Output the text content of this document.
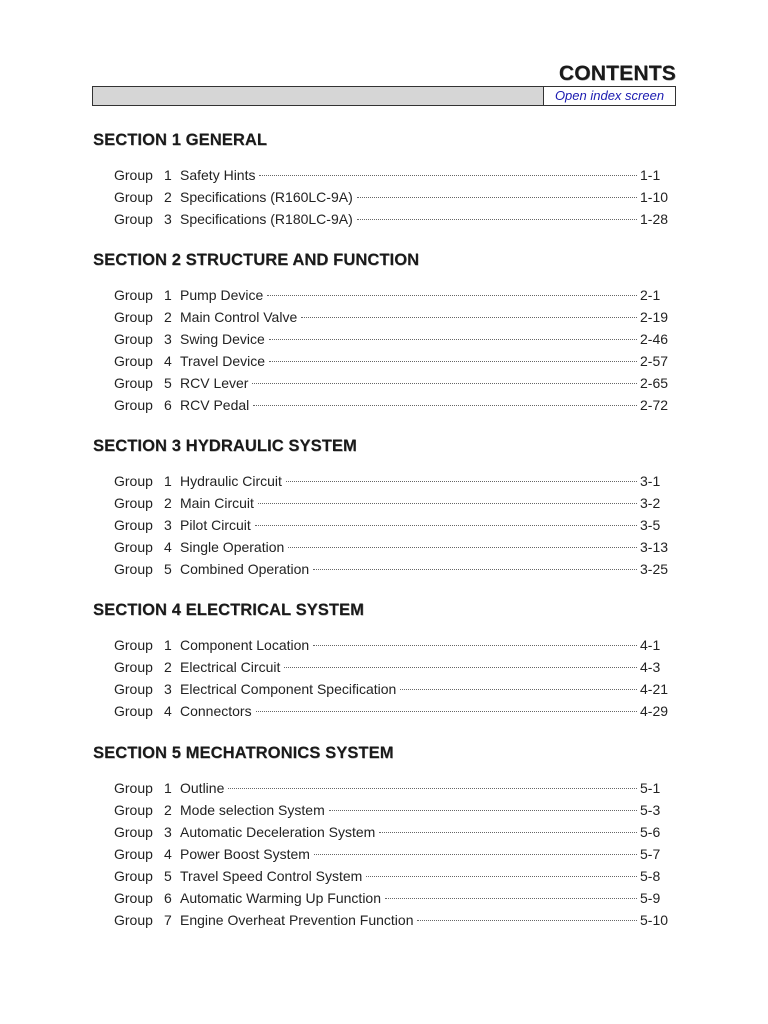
CONTENTS
Open index screen
SECTION 1 GENERAL
Group 1 Safety Hints	1-1
Group 2 Specifications (R160LC-9A)	1-10
Group 3 Specifications (R180LC-9A)	1-28
SECTION 2 STRUCTURE AND FUNCTION
Group 1 Pump Device	2-1
Group 2 Main Control Valve	2-19
Group 3 Swing Device	2-46
Group 4 Travel Device	2-57
Group 5 RCV Lever	2-65
Group 6 RCV Pedal	2-72
SECTION 3 HYDRAULIC SYSTEM
Group 1 Hydraulic Circuit	3-1
Group 2 Main Circuit	3-2
Group 3 Pilot Circuit	3-5
Group 4 Single Operation	3-13
Group 5 Combined Operation	3-25
SECTION 4 ELECTRICAL SYSTEM
Group 1 Component Location	4-1
Group 2 Electrical Circuit	4-3
Group 3 Electrical Component Specification	4-21
Group 4 Connectors	4-29
SECTION 5 MECHATRONICS SYSTEM
Group 1 Outline	5-1
Group 2 Mode selection System	5-3
Group 3 Automatic Deceleration System	5-6
Group 4 Power Boost System	5-7
Group 5 Travel Speed Control System	5-8
Group 6 Automatic Warming Up Function	5-9
Group 7 Engine Overheat Prevention Function	5-10
